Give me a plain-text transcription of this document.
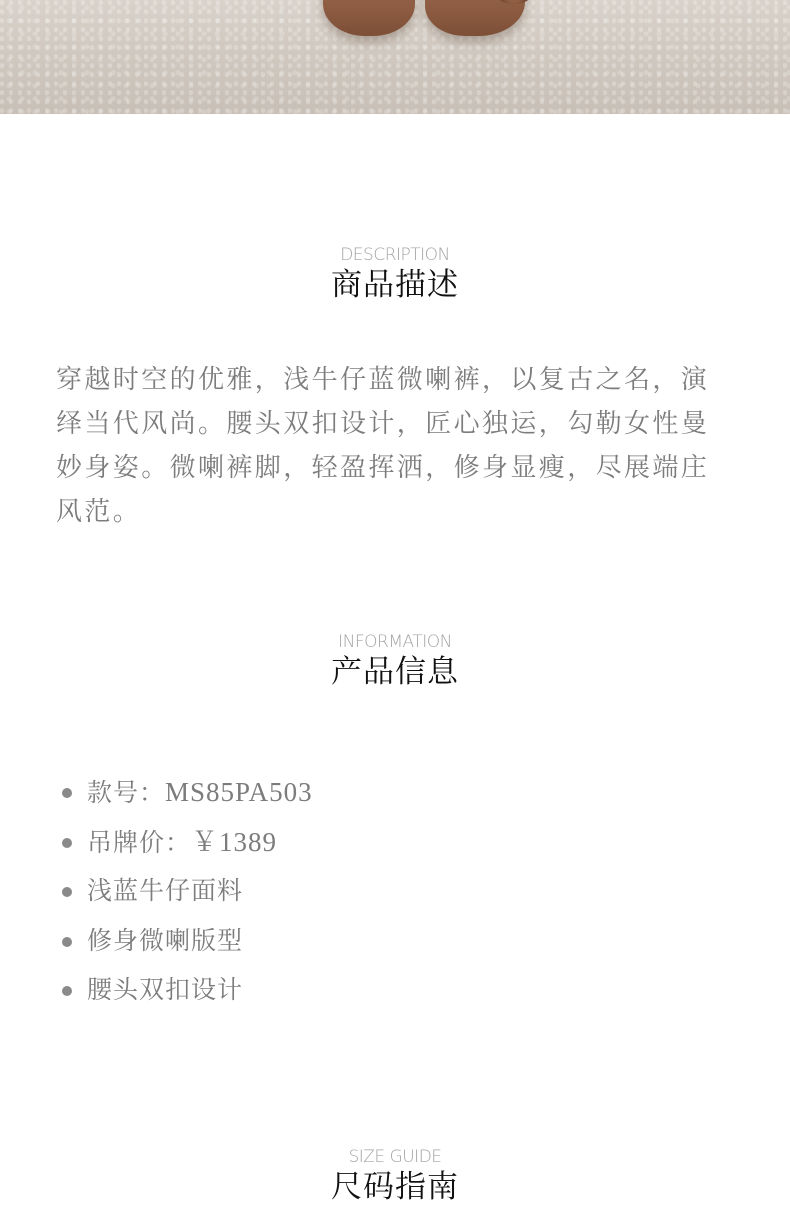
DESCRIPTION
商品描述

穿越时空的优雅，浅牛仔蓝微喇裤，以复古之名，演绎当代风尚。腰头双扣设计，匠心独运，勾勒女性曼妙身姿。微喇裤脚，轻盈挥洒，修身显瘦，尽展端庄风范。

INFORMATION
产品信息
款号：MS85PA503
吊牌价：￥1389
浅蓝牛仔面料
修身微喇版型
腰头双扣设计
SIZE GUIDE
尺码指南
